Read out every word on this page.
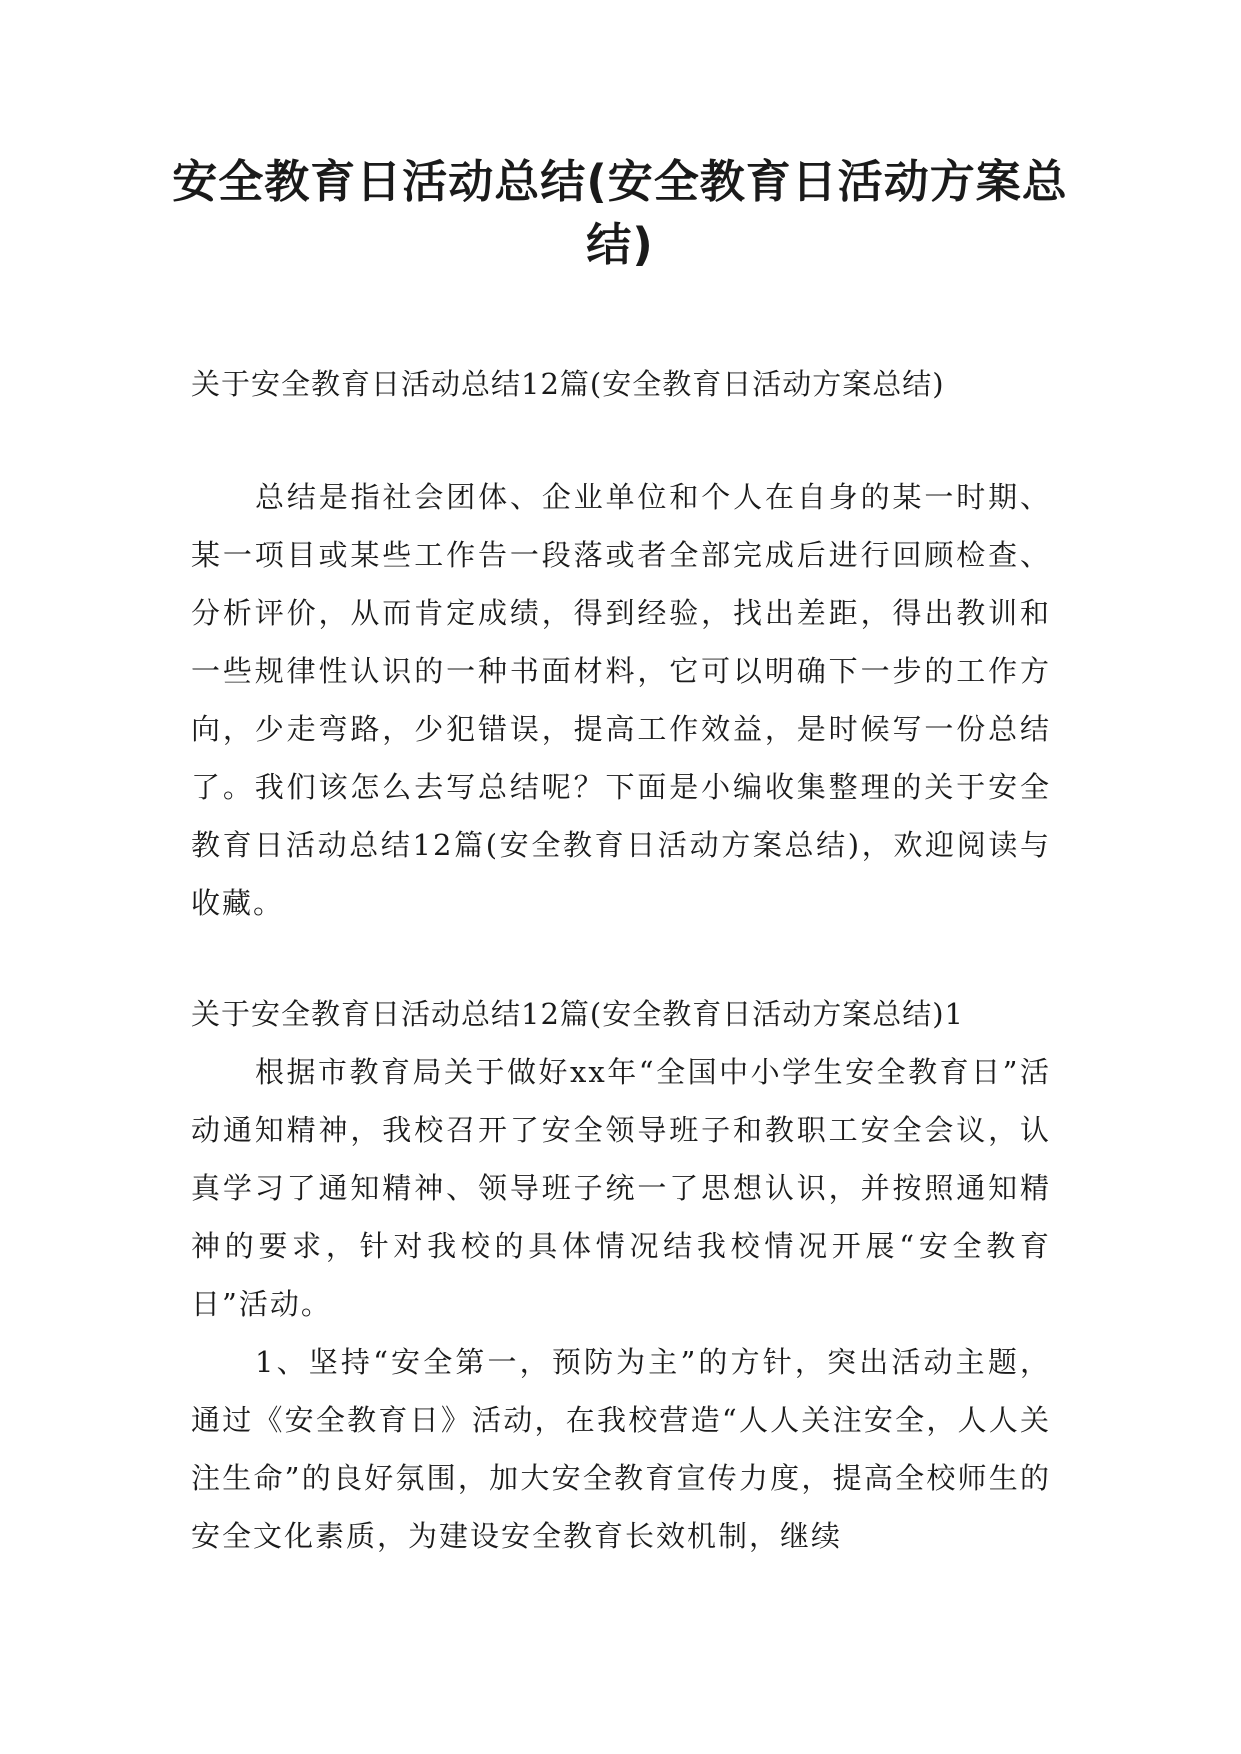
安全教育日活动总结(安全教育日活动方案总结)

关于安全教育日活动总结12篇(安全教育日活动方案总结)

总结是指社会团体、企业单位和个人在自身的某一时期、某一项目或某些工作告一段落或者全部完成后进行回顾检查、分析评价，从而肯定成绩，得到经验，找出差距，得出教训和一些规律性认识的一种书面材料，它可以明确下一步的工作方向，少走弯路，少犯错误，提高工作效益，是时候写一份总结了。我们该怎么去写总结呢？下面是小编收集整理的关于安全教育日活动总结12篇(安全教育日活动方案总结)，欢迎阅读与收藏。

关于安全教育日活动总结12篇(安全教育日活动方案总结)1

根据市教育局关于做好xx年“全国中小学生安全教育日”活动通知精神，我校召开了安全领导班子和教职工安全会议，认真学习了通知精神、领导班子统一了思想认识，并按照通知精神的要求，针对我校的具体情况结我校情况开展“安全教育日”活动。

1、坚持“安全第一，预防为主”的方针，突出活动主题，通过《安全教育日》活动，在我校营造“人人关注安全，人人关注生命”的良好氛围，加大安全教育宣传力度，提高全校师生的安全文化素质，为建设安全教育长效机制，继续
